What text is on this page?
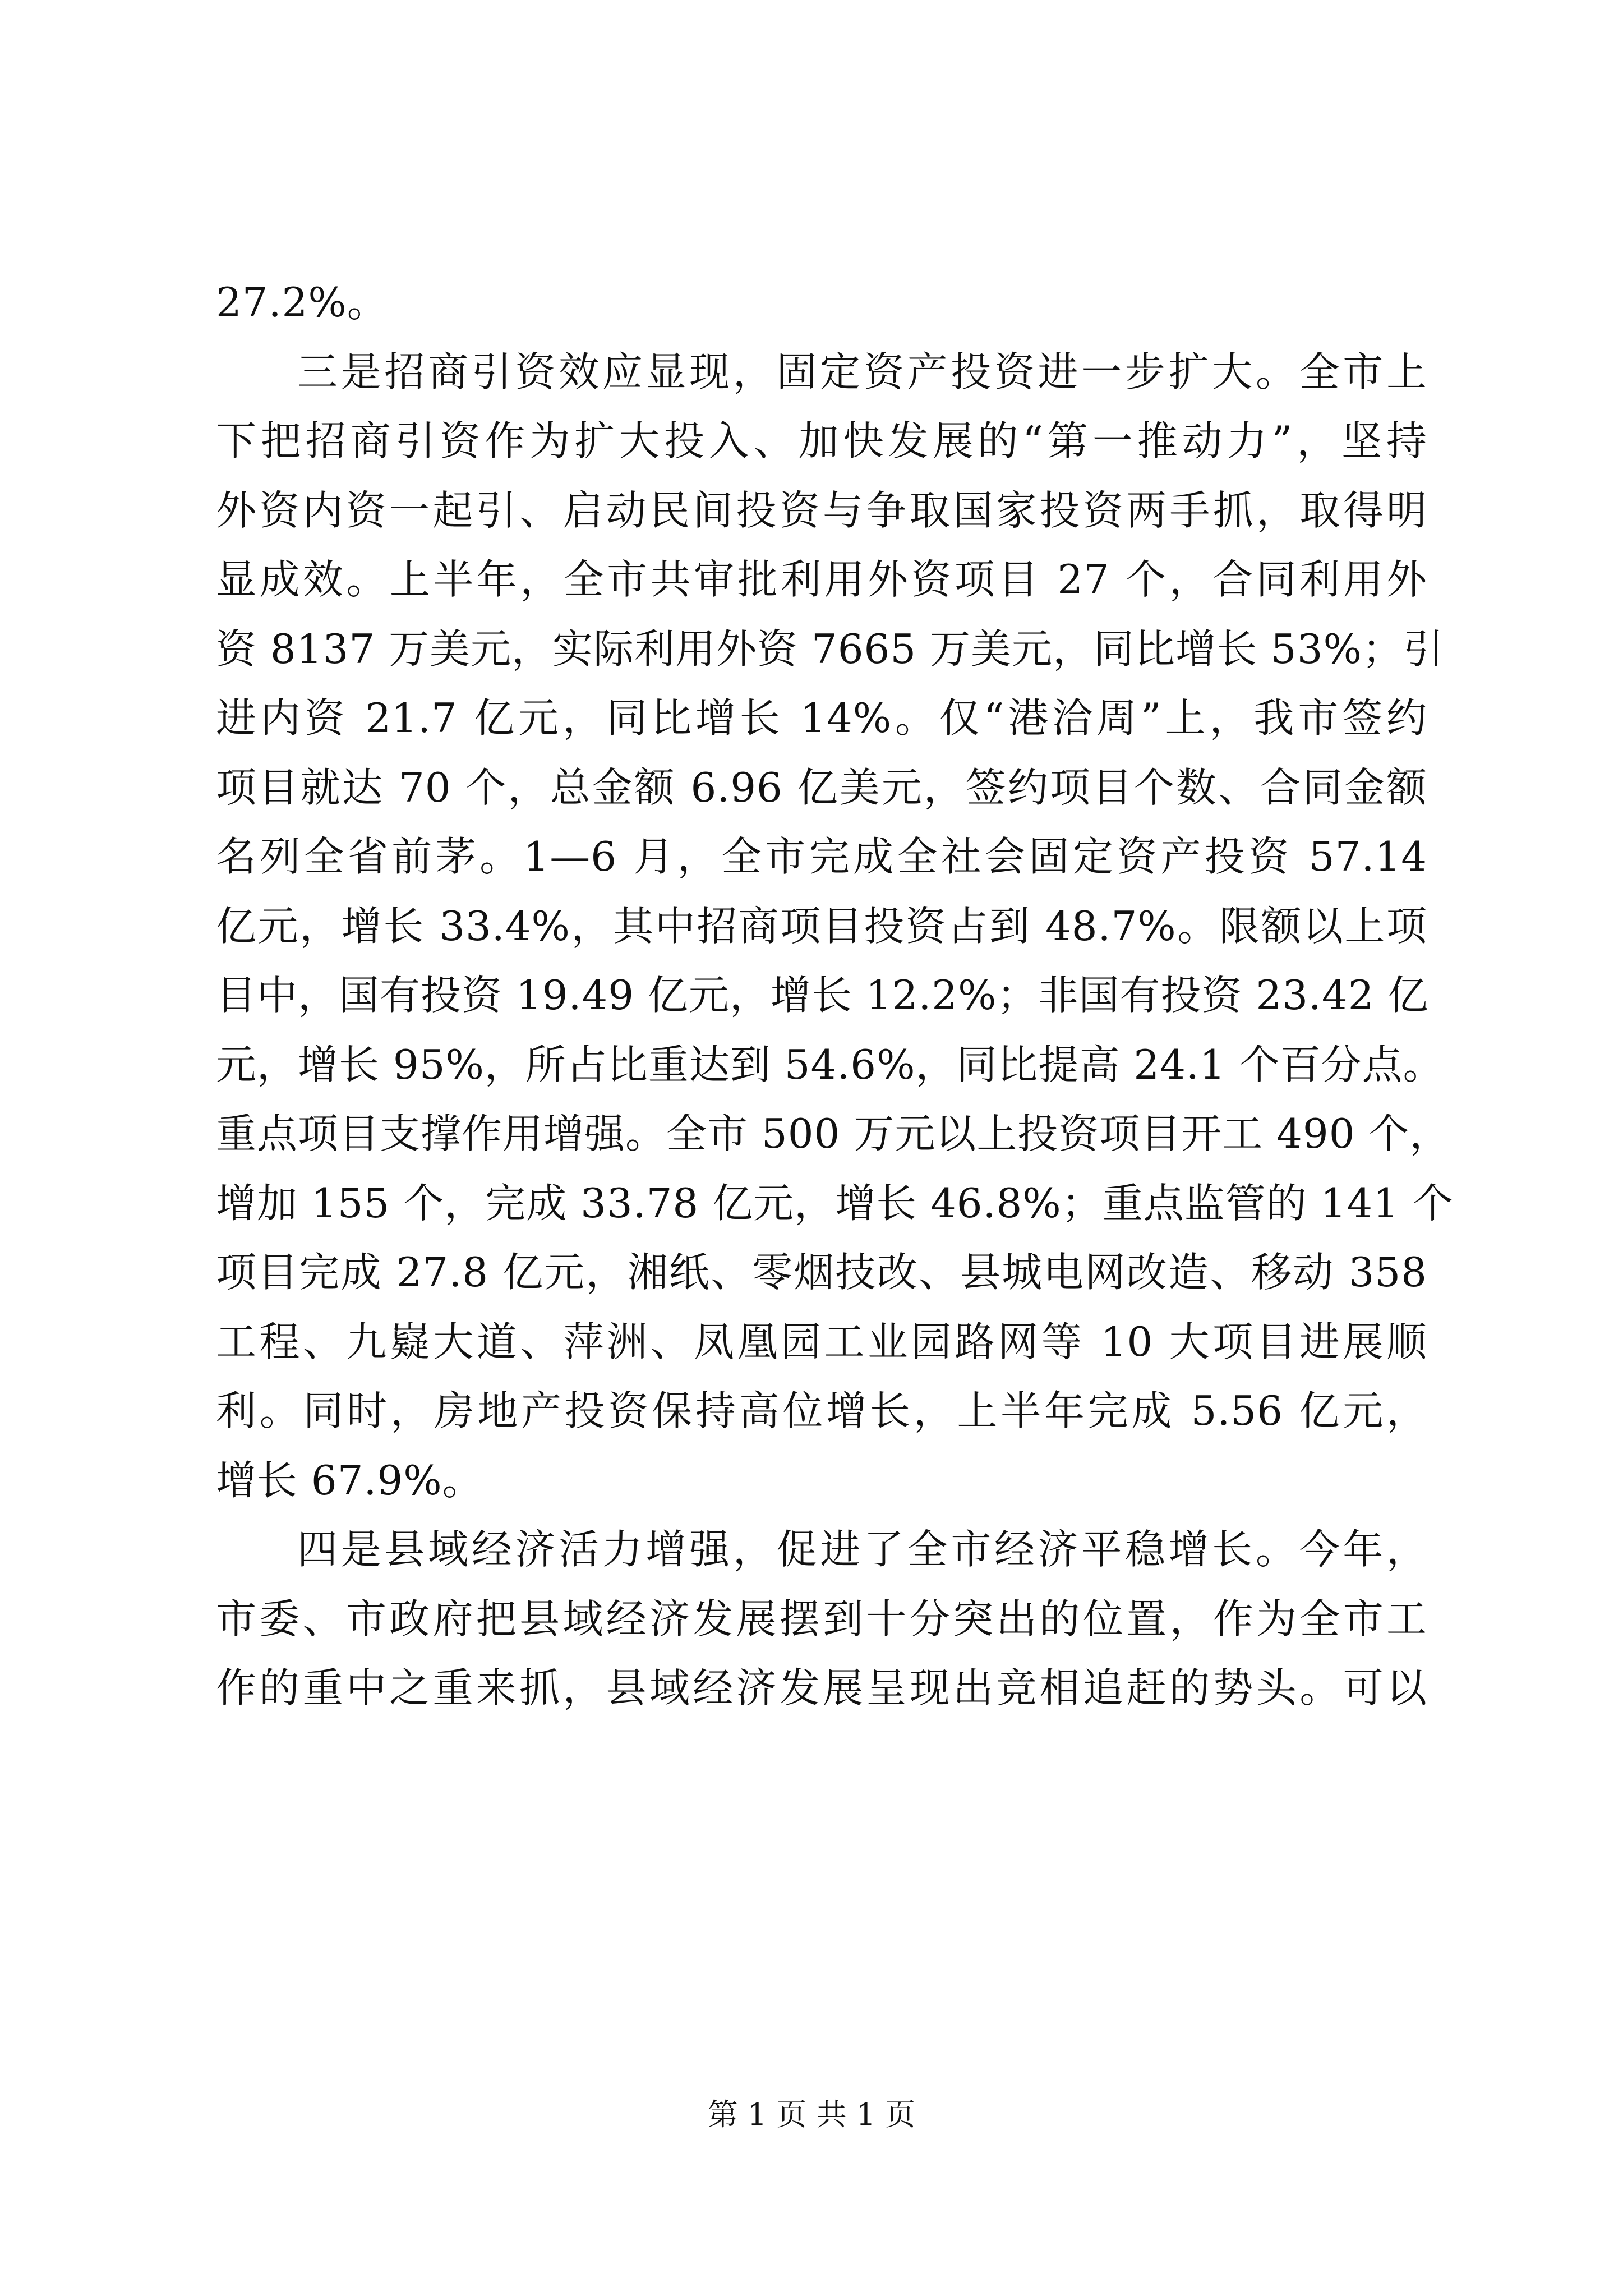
27.2%。
三是招商引资效应显现，固定资产投资进一步扩大。全市上
下把招商引资作为扩大投入、加快发展的“第一推动力”，坚持
外资内资一起引、启动民间投资与争取国家投资两手抓，取得明
显成效。上半年，全市共审批利用外资项目 27 个，合同利用外
资 8137 万美元，实际利用外资 7665 万美元，同比增长 53%；引
进内资 21.7 亿元，同比增长 14%。仅“港洽周”上，我市签约
项目就达 70 个，总金额 6.96 亿美元，签约项目个数、合同金额
名列全省前茅。1—6 月，全市完成全社会固定资产投资 57.14
亿元，增长 33.4%，其中招商项目投资占到 48.7%。限额以上项
目中，国有投资 19.49 亿元，增长 12.2%；非国有投资 23.42 亿
元，增长 95%，所占比重达到 54.6%，同比提高 24.1 个百分点。
重点项目支撑作用增强。全市 500 万元以上投资项目开工 490 个，
增加 155 个，完成 33.78 亿元，增长 46.8%；重点监管的 141 个
项目完成 27.8 亿元，湘纸、零烟技改、县城电网改造、移动 358
工程、九嶷大道、萍洲、凤凰园工业园路网等 10 大项目进展顺
利。同时，房地产投资保持高位增长，上半年完成 5.56 亿元，
增长 67.9%。
四是县域经济活力增强，促进了全市经济平稳增长。今年，
市委、市政府把县域经济发展摆到十分突出的位置，作为全市工
作的重中之重来抓，县域经济发展呈现出竞相追赶的势头。可以
第 1 页 共 1 页
